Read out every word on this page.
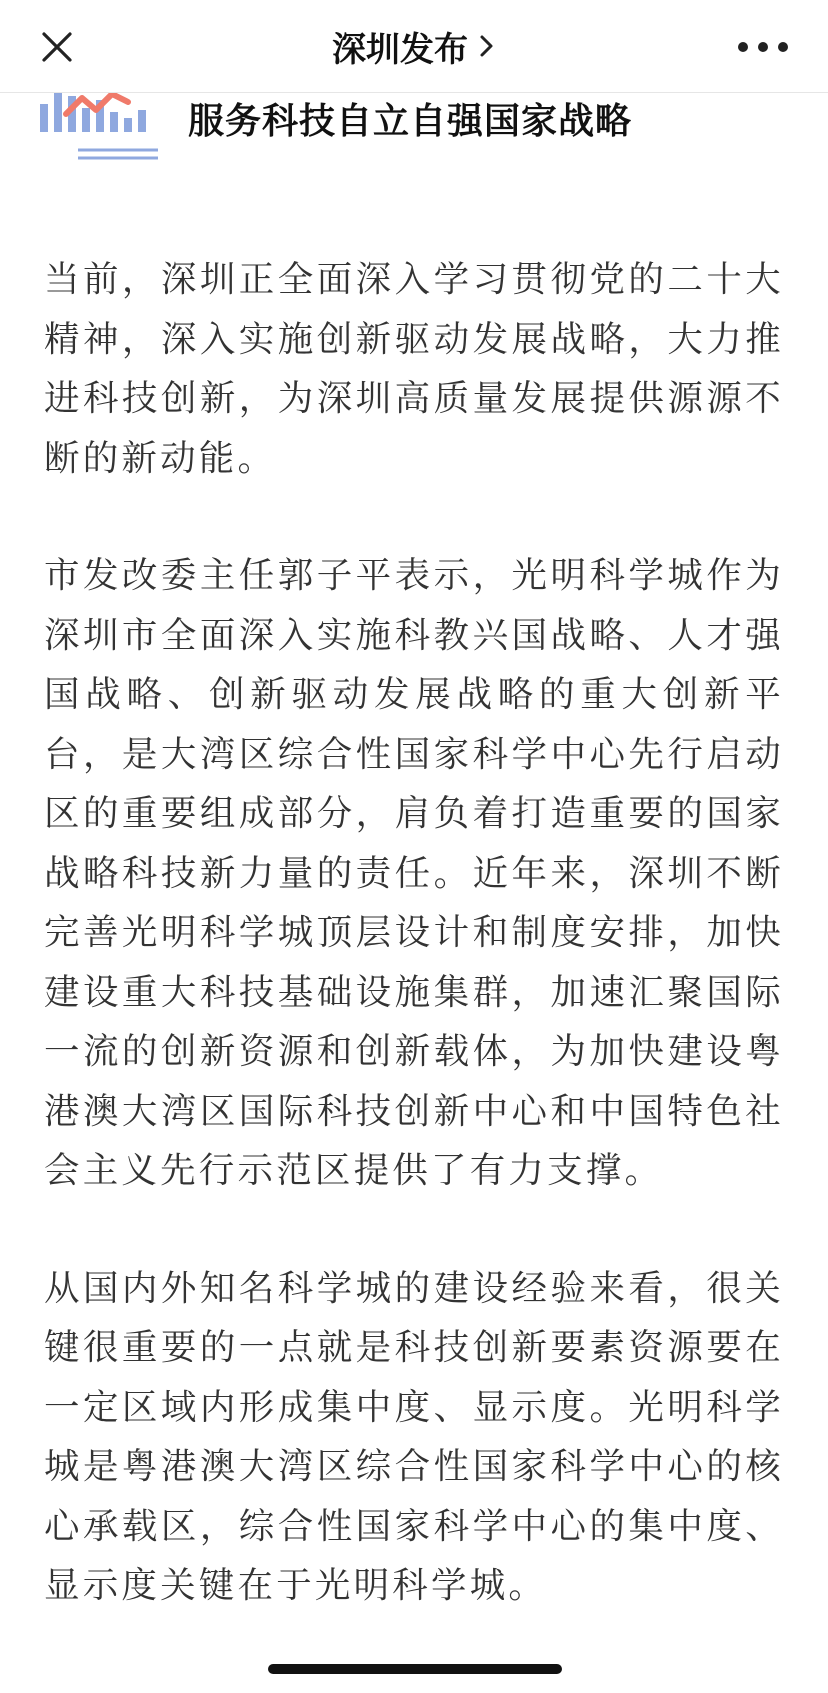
深圳发布
服务科技自立自强国家战略

当前，深圳正全面深入学习贯彻党的二十大精神，深入实施创新驱动发展战略，大力推进科技创新，为深圳高质量发展提供源源不断的新动能。

市发改委主任郭子平表示，光明科学城作为深圳市全面深入实施科教兴国战略、人才强国战略、创新驱动发展战略的重大创新平台，是大湾区综合性国家科学中心先行启动区的重要组成部分，肩负着打造重要的国家战略科技新力量的责任。近年来，深圳不断完善光明科学城顶层设计和制度安排，加快建设重大科技基础设施集群，加速汇聚国际一流的创新资源和创新载体，为加快建设粤港澳大湾区国际科技创新中心和中国特色社会主义先行示范区提供了有力支撑。

从国内外知名科学城的建设经验来看，很关键很重要的一点就是科技创新要素资源要在一定区域内形成集中度、显示度。光明科学城是粤港澳大湾区综合性国家科学中心的核心承载区，综合性国家科学中心的集中度、显示度关键在于光明科学城。
